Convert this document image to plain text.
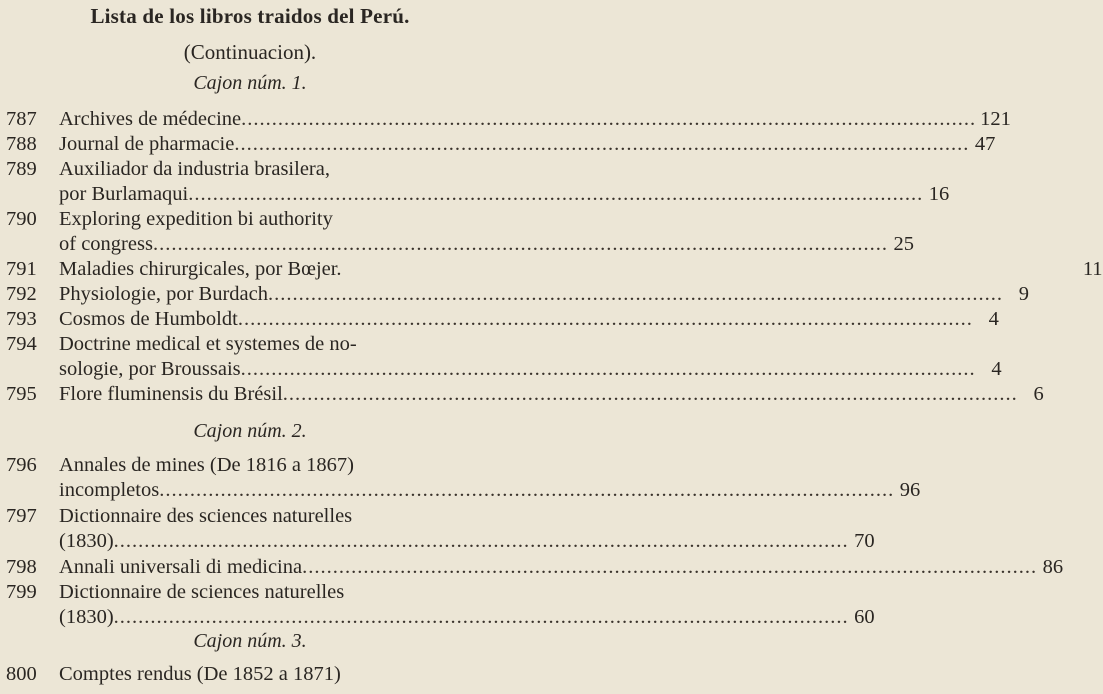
Lista de los libros traidos del Perú.
(Continuacion).
Cajon núm. 1.
787	Archives de médecine .....	121
788	Journal de pharmacie .....	47
789	Auxiliador da industria brasilera,
por Burlamaqui .....	16
790	Exploring expedition bi authority
of congress .....	25
791	Maladies chirurgicales, por Bœjer.	11
792	Physiologie, por Burdach .....	9
793	Cosmos de Humboldt .....	4
794	Doctrine medical et systemes de no-
sologie, por Broussais .....	4
795	Flore fluminensis du Brésil .....	6
Cajon núm. 2.
796	Annales de mines (De 1816 a 1867)
incompletos .....	96
797	Dictionnaire des sciences naturelles
(1830) .....	70
798	Annali universali di medicina .....	86
799	Dictionnaire de sciences naturelles
(1830) .....	60
Cajon núm. 3.
800	Comptes rendus (De 1852 a 1871)
